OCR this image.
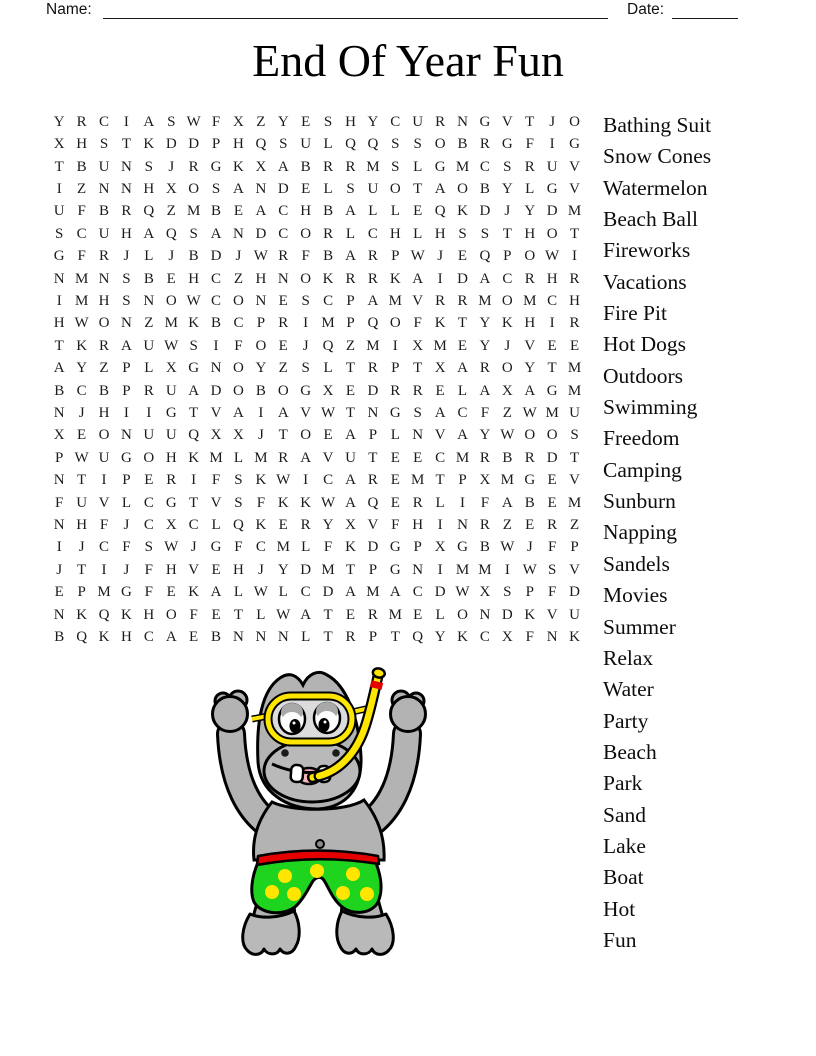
Name:	Date:
End Of Year Fun
Y R C I A S W F X Z Y E S H Y C U R N G V T J O
X H S T K D D P H Q S U L Q Q S S O B R G F	I G
T B U N S	J R G K X A B R R M S L G M C S R U V
I	Z N N H X O S A N D E L S U O T A O B Y L G V
U F B R Q Z M B E A C H B A L L E Q K D J Y D M
S C U H A Q S A N D C O R L C H L H S S T H O T
G F R J L J B D J W R F B A R P W J E Q P O W I
N M N S B E H C Z H N O K R R K A I D A C R H R
I M H S N O W C O N E S C P A M V R R M O M C H
H W O N Z M K B C P R I M P Q O F K T Y K H I R
T K R A U W S	I	F O E J Q Z M I X M E Y J V E E
A Y Z P L X G N O Y Z S L T R P T X A R O Y T M
B C B P R U A D O B O G X E D R R E L A X A G M
N J H I	I G T V A I A V W T N G S A C F Z W M U
X E O N U U Q X X J T O E A P L N V A Y W O O S
P W U G O H K M L M R A V U T E E C M R B R D T
N T	I	P E R I	F S K W I C A R E M T P X M G E V
F U V L C G T V S F K K W A Q E R L	I	F A B E M
N H F	J C X C L Q K E R Y X V F H I N R Z E R Z
I	J C F S W J G F C M L F K D G P X G B W J	F P
J T	I	J	F H V E H J Y D M T P G N I M M I W S V
E P M G F E K A L W L C D A M A C D W X S P F D
N K Q K H O F E T L W A T E R M E L O N D K V U
B Q K H C A E B N N N L T R P T Q Y K C X F N K
Bathing Suit
Snow Cones
Watermelon
Beach Ball
Fireworks
Vacations
Fire Pit
Hot Dogs
Outdoors
Swimming
Freedom
Camping
Sunburn
Napping
Sandels
Movies
Summer
Relax
Water
Party
Beach
Park
Sand
Lake
Boat
Hot
Fun
